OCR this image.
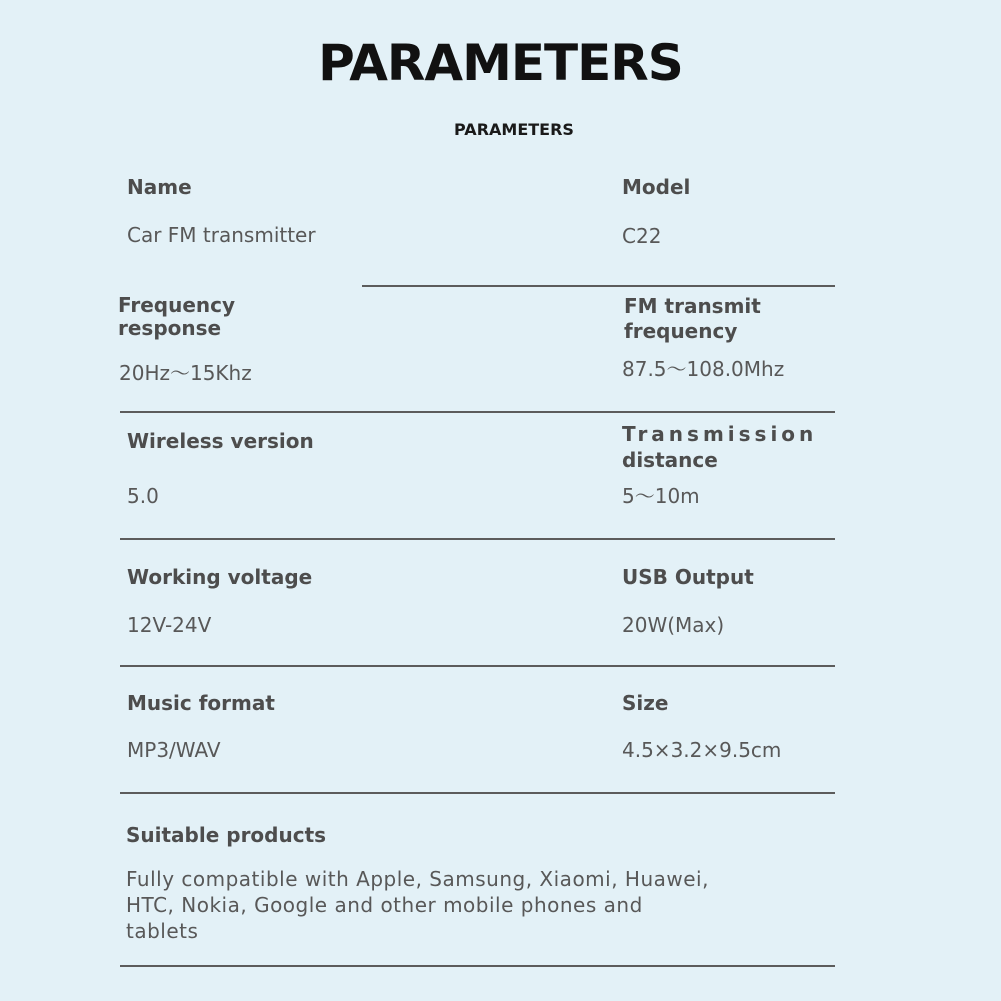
PARAMETERS
PARAMETERS
Name
Car FM transmitter
Model
C22
Frequency
response
20Hz～15Khz
FM transmit
frequency
87.5～108.0Mhz
Wireless version
5.0
Transmission
distance
5～10m
Working voltage
12V-24V
USB Output
20W(Max)
Music format
MP3/WAV
Size
4.5×3.2×9.5cm
Suitable products
Fully compatible with Apple, Samsung, Xiaomi, Huawei,
HTC, Nokia, Google and other mobile phones and
tablets
